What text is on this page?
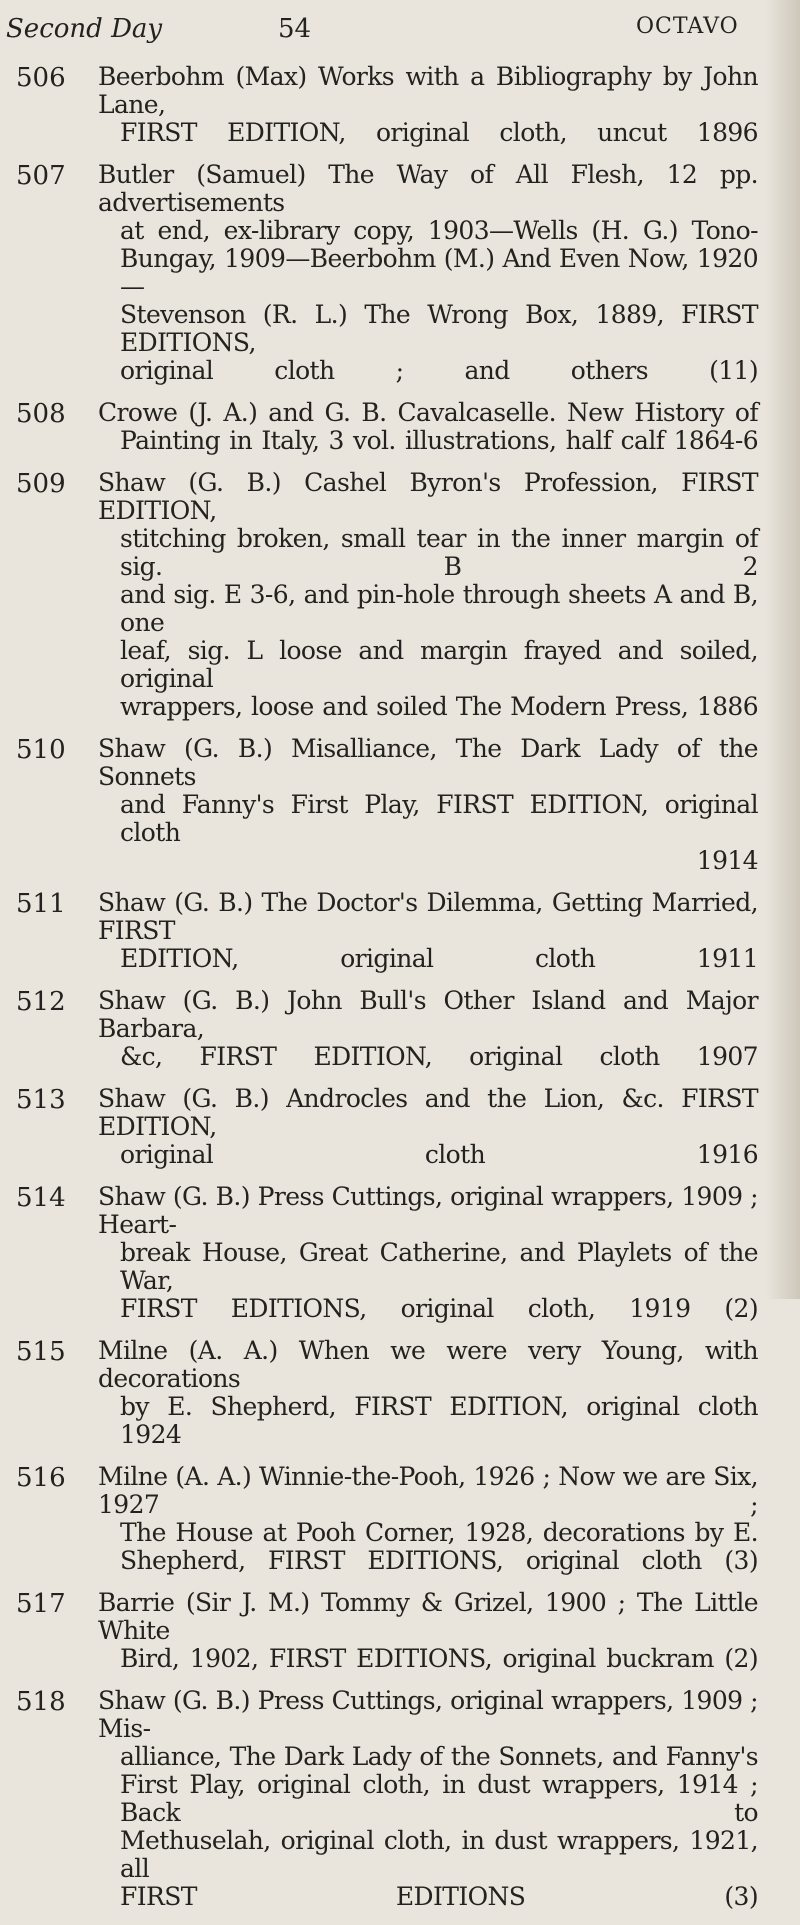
Second Day	54	OCTAVO
506	Beerbohm (Max) Works with a Bibliography by John Lane,
FIRST EDITION, original cloth, uncut 1896
507	Butler (Samuel) The Way of All Flesh, 12 pp. advertisements
at end, ex-library copy, 1903—Wells (H. G.) Tono-
Bungay, 1909—Beerbohm (M.) And Even Now, 1920—
Stevenson (R. L.) The Wrong Box, 1889, FIRST EDITIONS,
original cloth ; and others (11)
508	Crowe (J. A.) and G. B. Cavalcaselle. New History of
Painting in Italy, 3 vol. illustrations, half calf 1864-6
509	Shaw (G. B.) Cashel Byron's Profession, FIRST EDITION,
stitching broken, small tear in the inner margin of sig. B 2
and sig. E 3-6, and pin-hole through sheets A and B, one
leaf, sig. L loose and margin frayed and soiled, original
wrappers, loose and soiled The Modern Press, 1886
510	Shaw (G. B.) Misalliance, The Dark Lady of the Sonnets
and Fanny's First Play, FIRST EDITION, original cloth
1914
511	Shaw (G. B.) The Doctor's Dilemma, Getting Married, FIRST
EDITION, original cloth 1911
512	Shaw (G. B.) John Bull's Other Island and Major Barbara,
&c, FIRST EDITION, original cloth 1907
513	Shaw (G. B.) Androcles and the Lion, &c. FIRST EDITION,
original cloth 1916
514	Shaw (G. B.) Press Cuttings, original wrappers, 1909 ; Heart-
break House, Great Catherine, and Playlets of the War,
FIRST EDITIONS, original cloth, 1919 (2)
515	Milne (A. A.) When we were very Young, with decorations
by E. Shepherd, FIRST EDITION, original cloth 1924
516	Milne (A. A.) Winnie-the-Pooh, 1926 ; Now we are Six, 1927 ;
The House at Pooh Corner, 1928, decorations by E.
Shepherd, FIRST EDITIONS, original cloth (3)
517	Barrie (Sir J. M.) Tommy & Grizel, 1900 ; The Little White
Bird, 1902, FIRST EDITIONS, original buckram (2)
518	Shaw (G. B.) Press Cuttings, original wrappers, 1909 ; Mis-
alliance, The Dark Lady of the Sonnets, and Fanny's
First Play, original cloth, in dust wrappers, 1914 ; Back to
Methuselah, original cloth, in dust wrappers, 1921, all
FIRST EDITIONS (3)
